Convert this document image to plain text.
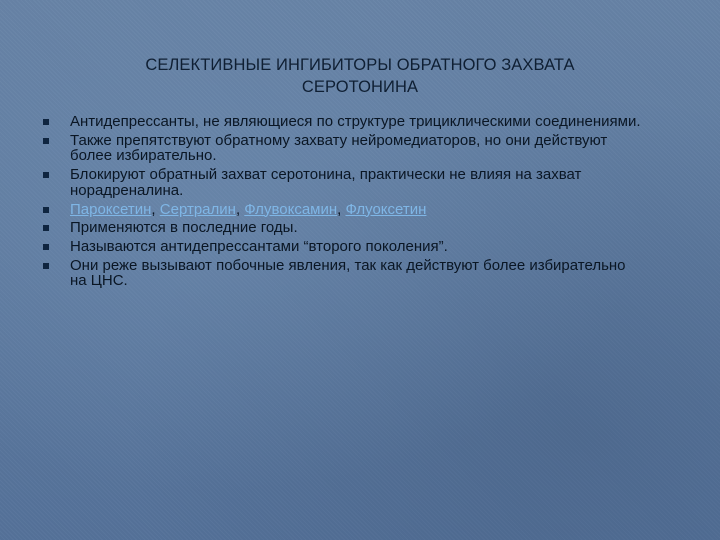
СЕЛЕКТИВНЫЕ ИНГИБИТОРЫ ОБРАТНОГО ЗАХВАТА
СЕРОТОНИНА
Антидепрессанты, не являющиеся по структуре трициклическими соединениями.
Также препятствуют обратному захвату нейромедиаторов, но они действуют более избирательно.
Блокируют обратный захват серотонина, практически не влияя на захват норадреналина.
Пароксетин, Сертралин, Флувоксамин, Флуоксетин
Применяются в последние годы.
Называются антидепрессантами “второго поколения”.
Они реже вызывают побочные явления, так как действуют более избирательно на ЦНС.
